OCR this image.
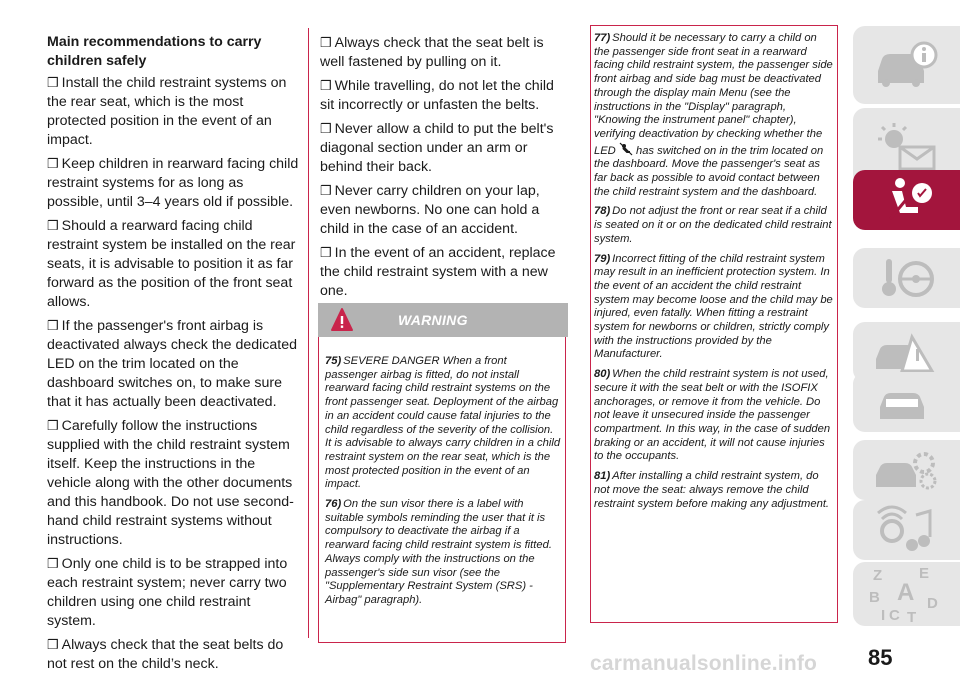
Main recommendations to carry children safely

❒ Install the child restraint systems on the rear seat, which is the most protected position in the event of an impact.

❒ Keep children in rearward facing child restraint systems for as long as possible, until 3–4 years old if possible.

❒ Should a rearward facing child restraint system be installed on the rear seats, it is advisable to position it as far forward as the position of the front seat allows.

❒ If the passenger's front airbag is deactivated always check the dedicated LED on the trim located on the dashboard switches on, to make sure that it has actually been deactivated.

❒ Carefully follow the instructions supplied with the child restraint system itself. Keep the instructions in the vehicle along with the other documents and this handbook. Do not use second-hand child restraint systems without instructions.

❒ Only one child is to be strapped into each restraint system; never carry two children using one child restraint system.

❒ Always check that the seat belts do not rest on the child’s neck.

❒ Always check that the seat belt is well fastened by pulling on it.

❒ While travelling, do not let the child sit incorrectly or unfasten the belts.

❒ Never allow a child to put the belt's diagonal section under an arm or behind their back.

❒ Never carry children on your lap, even newborns. No one can hold a child in the case of an accident.

❒ In the event of an accident, replace the child restraint system with a new one.

WARNING

75) SEVERE DANGER When a front passenger airbag is fitted, do not install rearward facing child restraint systems on the front passenger seat. Deployment of the airbag in an accident could cause fatal injuries to the child regardless of the severity of the collision. It is advisable to always carry children in a child restraint system on the rear seat, which is the most protected position in the event of an impact.

76) On the sun visor there is a label with suitable symbols reminding the user that it is compulsory to deactivate the airbag if a rearward facing child restraint system is fitted. Always comply with the instructions on the passenger's side sun visor (see the "Supplementary Restraint System (SRS) - Airbag" paragraph).

77) Should it be necessary to carry a child on the passenger side front seat in a rearward facing child restraint system, the passenger side front airbag and side bag must be deactivated through the display main Menu (see the instructions in the "Display" paragraph, "Knowing the instrument panel" chapter), verifying deactivation by checking whether the LED has switched on in the trim located on the dashboard. Move the passenger's seat as far back as possible to avoid contact between the child restraint system and the dashboard.

78) Do not adjust the front or rear seat if a child is seated on it or on the dedicated child restraint system.

79) Incorrect fitting of the child restraint system may result in an inefficient protection system. In the event of an accident the child restraint system may become loose and the child may be injured, even fatally. When fitting a restraint system for newborns or children, strictly comply with the instructions provided by the Manufacturer.

80) When the child restraint system is not used, secure it with the seat belt or with the ISOFIX anchorages, or remove it from the vehicle. Do not leave it unsecured inside the passenger compartment. In this way, in the case of sudden braking or an accident, it will not cause injuries to the occupants.

81) After installing a child restraint system, do not move the seat: always remove the child restraint system before making any adjustment.

Z E
B A
I C T
D
85
carmanualsonline.info
